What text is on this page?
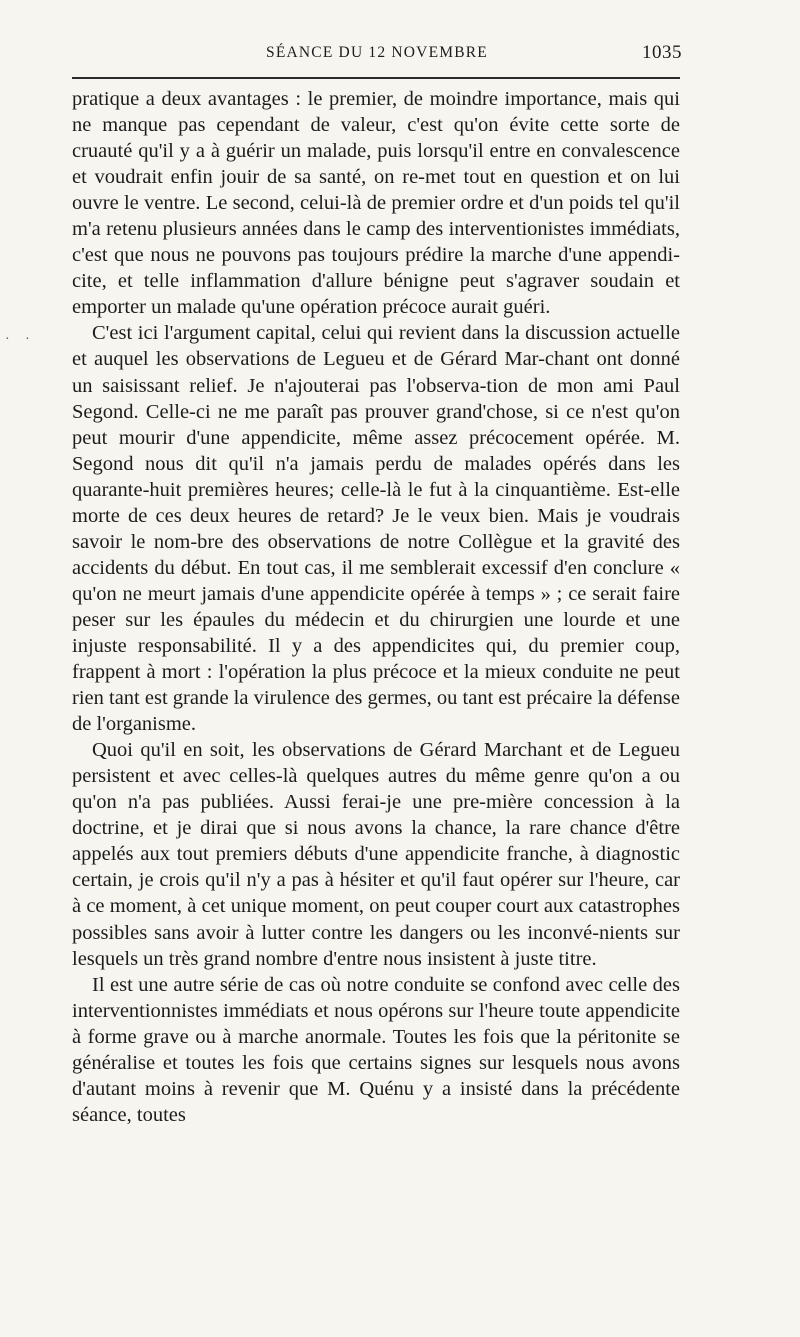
SÉANCE DU 12 NOVEMBRE	1035
· ·

pratique a deux avantages : le premier, de moindre importance, mais qui ne manque pas cependant de valeur, c'est qu'on évite cette sorte de cruauté qu'il y a à guérir un malade, puis lorsqu'il entre en convalescence et voudrait enfin jouir de sa santé, on re-met tout en question et on lui ouvre le ventre. Le second, celui-là de premier ordre et d'un poids tel qu'il m'a retenu plusieurs années dans le camp des interventionistes immédiats, c'est que nous ne pouvons pas toujours prédire la marche d'une appendi-cite, et telle inflammation d'allure bénigne peut s'agraver soudain et emporter un malade qu'une opération précoce aurait guéri.

C'est ici l'argument capital, celui qui revient dans la discussion actuelle et auquel les observations de Legueu et de Gérard Mar-chant ont donné un saisissant relief. Je n'ajouterai pas l'observa-tion de mon ami Paul Segond. Celle-ci ne me paraît pas prouver grand'chose, si ce n'est qu'on peut mourir d'une appendicite, même assez précocement opérée. M. Segond nous dit qu'il n'a jamais perdu de malades opérés dans les quarante-huit premières heures; celle-là le fut à la cinquantième. Est-elle morte de ces deux heures de retard? Je le veux bien. Mais je voudrais savoir le nom-bre des observations de notre Collègue et la gravité des accidents du début. En tout cas, il me semblerait excessif d'en conclure « qu'on ne meurt jamais d'une appendicite opérée à temps » ; ce serait faire peser sur les épaules du médecin et du chirurgien une lourde et une injuste responsabilité. Il y a des appendicites qui, du premier coup, frappent à mort : l'opération la plus précoce et la mieux conduite ne peut rien tant est grande la virulence des germes, ou tant est précaire la défense de l'organisme.

Quoi qu'il en soit, les observations de Gérard Marchant et de Legueu persistent et avec celles-là quelques autres du même genre qu'on a ou qu'on n'a pas publiées. Aussi ferai-je une pre-mière concession à la doctrine, et je dirai que si nous avons la chance, la rare chance d'être appelés aux tout premiers débuts d'une appendicite franche, à diagnostic certain, je crois qu'il n'y a pas à hésiter et qu'il faut opérer sur l'heure, car à ce moment, à cet unique moment, on peut couper court aux catastrophes possibles sans avoir à lutter contre les dangers ou les inconvé-nients sur lesquels un très grand nombre d'entre nous insistent à juste titre.

Il est une autre série de cas où notre conduite se confond avec celle des interventionnistes immédiats et nous opérons sur l'heure toute appendicite à forme grave ou à marche anormale. Toutes les fois que la péritonite se généralise et toutes les fois que certains signes sur lesquels nous avons d'autant moins à revenir que M. Quénu y a insisté dans la précédente séance, toutes
